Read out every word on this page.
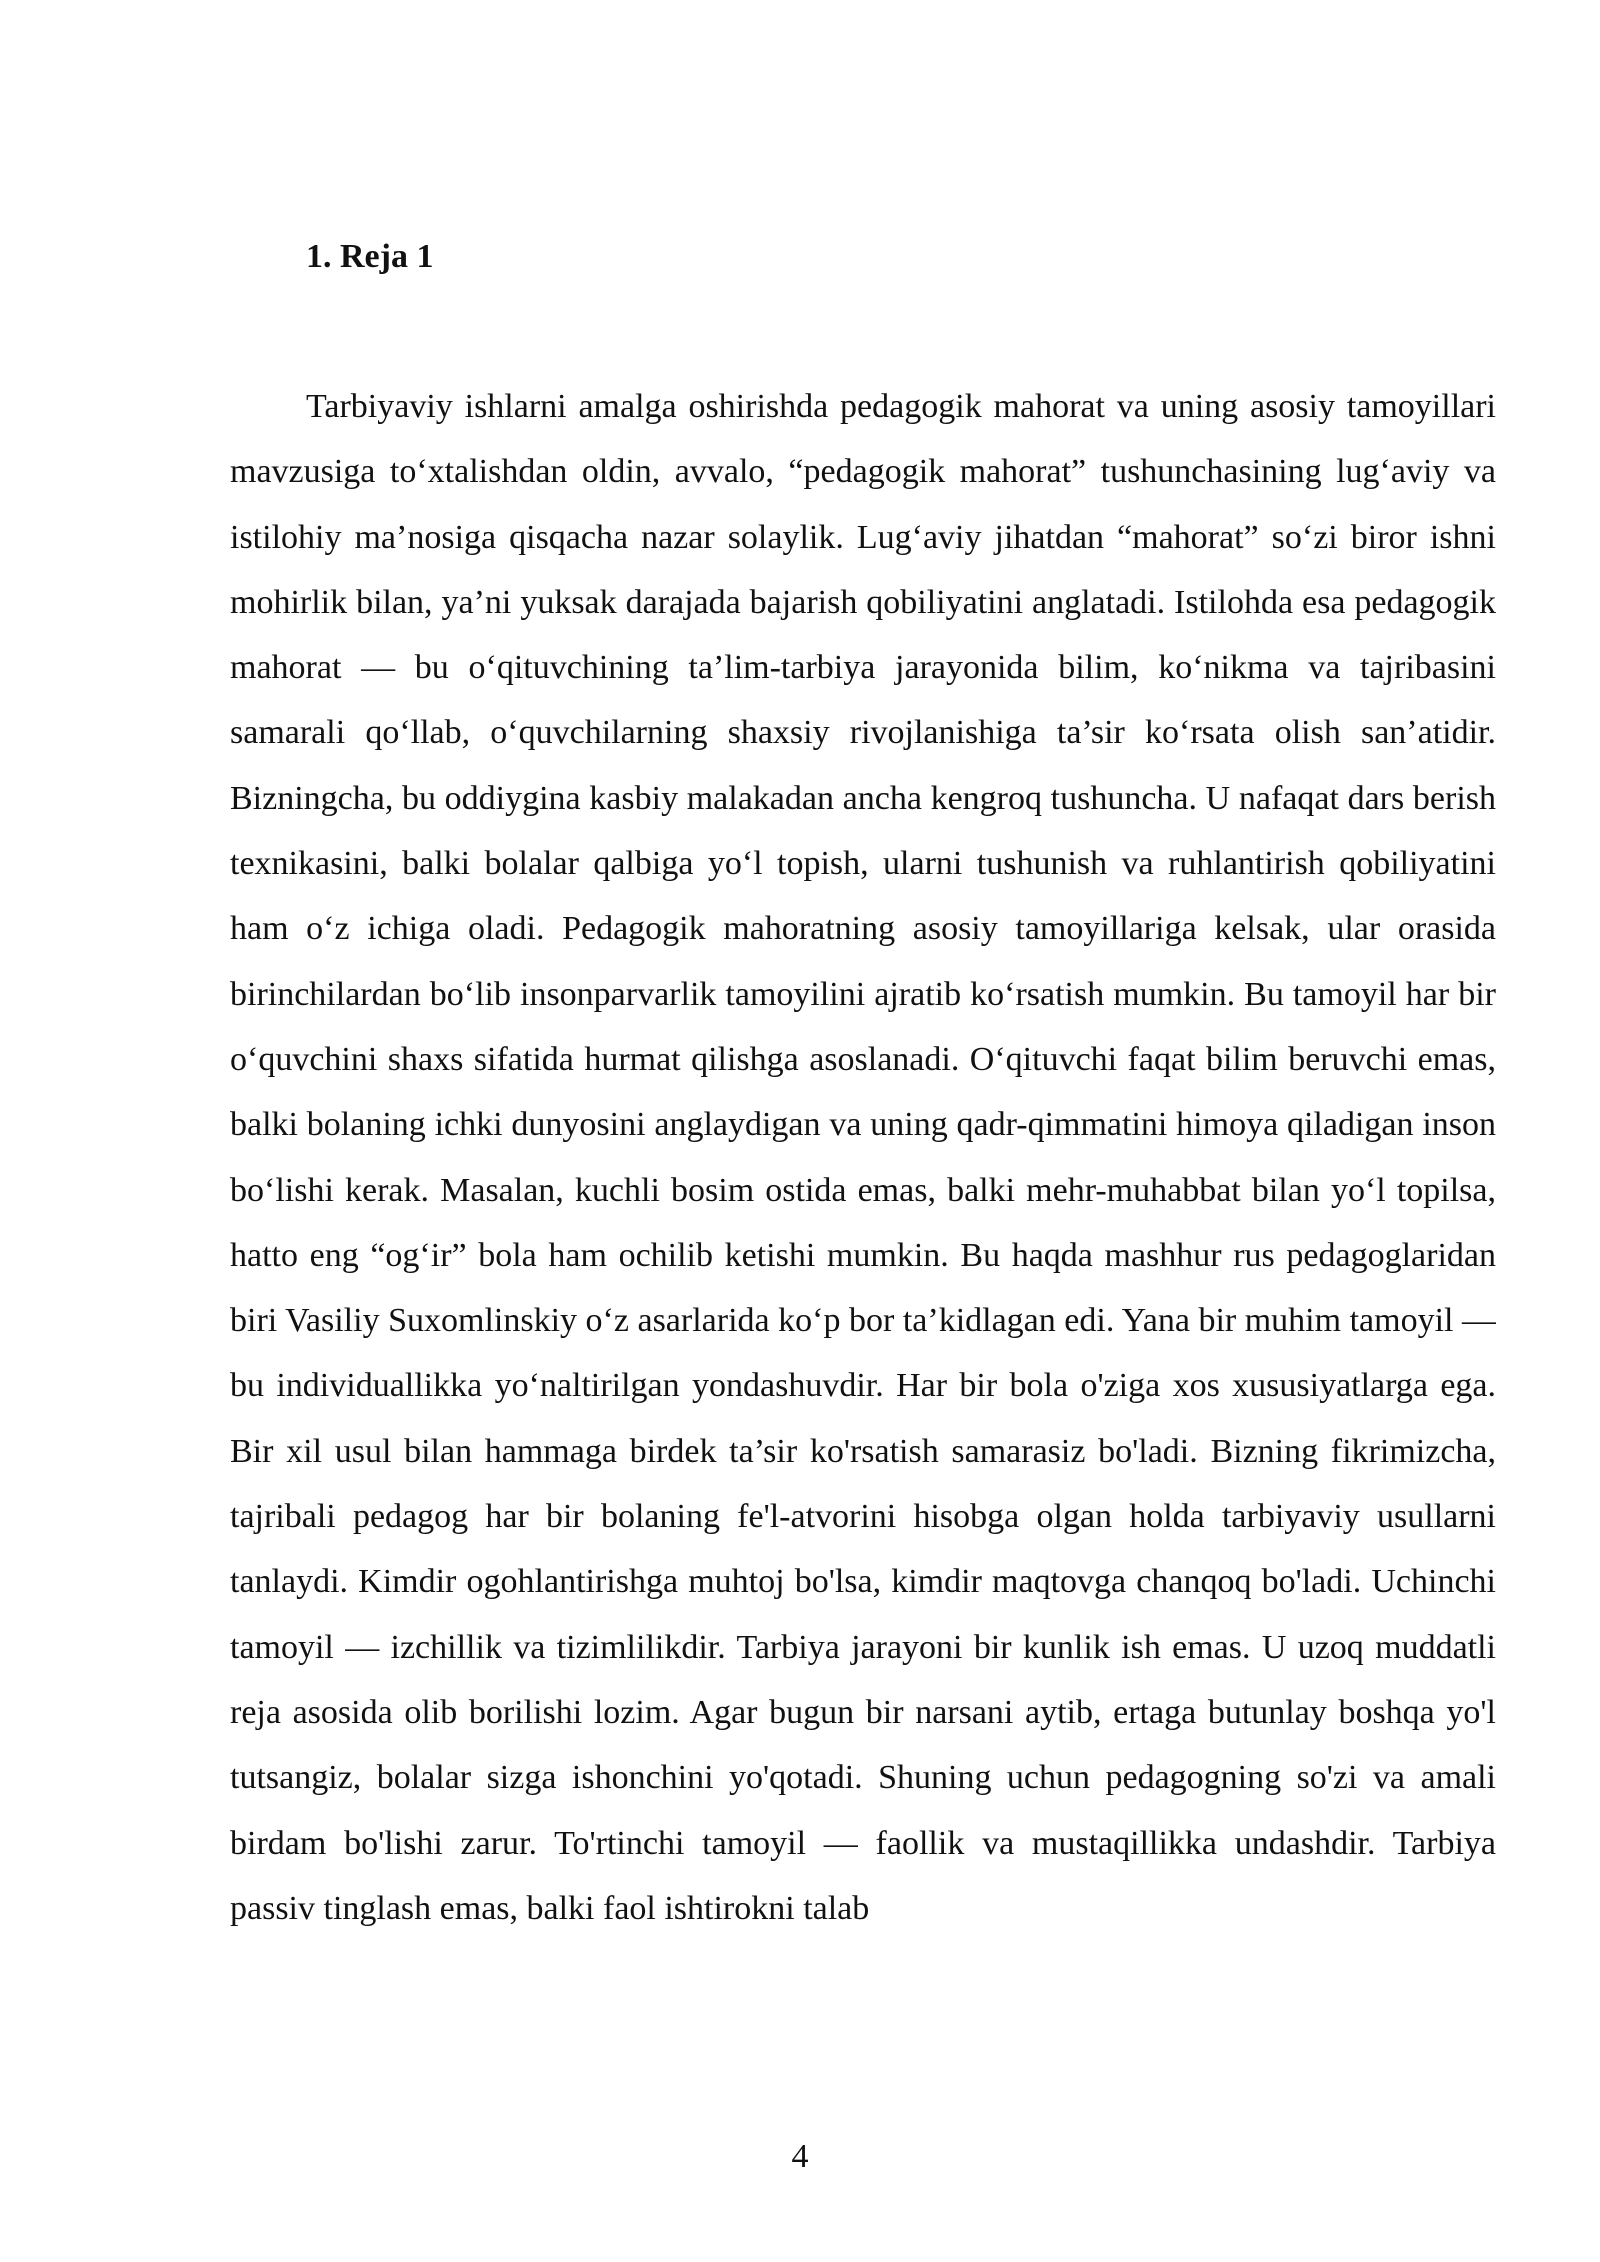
1. Reja 1

Tarbiyaviy ishlarni amalga oshirishda pedagogik mahorat va uning asosiy tamoyillari mavzusiga to‘xtalishdan oldin, avvalo, “pedagogik mahorat” tushunchasining lug‘aviy va istilohiy ma’nosiga qisqacha nazar solaylik. Lug‘aviy jihatdan “mahorat” so‘zi biror ishni mohirlik bilan, ya’ni yuksak darajada bajarish qobiliyatini anglatadi. Istilohda esa pedagogik mahorat — bu o‘qituvchining ta’lim-tarbiya jarayonida bilim, ko‘nikma va tajribasini samarali qo‘llab, o‘quvchilarning shaxsiy rivojlanishiga ta’sir ko‘rsata olish san’atidir. Bizningcha, bu oddiygina kasbiy malakadan ancha kengroq tushuncha. U nafaqat dars berish texnikasini, balki bolalar qalbiga yo‘l topish, ularni tushunish va ruhlantirish qobiliyatini ham o‘z ichiga oladi. Pedagogik mahoratning asosiy tamoyillariga kelsak, ular orasida birinchilardan bo‘lib insonparvarlik tamoyilini ajratib ko‘rsatish mumkin. Bu tamoyil har bir o‘quvchini shaxs sifatida hurmat qilishga asoslanadi. O‘qituvchi faqat bilim beruvchi emas, balki bolaning ichki dunyosini anglaydigan va uning qadr-qimmatini himoya qiladigan inson bo‘lishi kerak. Masalan, kuchli bosim ostida emas, balki mehr-muhabbat bilan yo‘l topilsa, hatto eng “og‘ir” bola ham ochilib ketishi mumkin. Bu haqda mashhur rus pedagoglaridan biri Vasiliy Suxomlinskiy o‘z asarlarida ko‘p bor ta’kidlagan edi. Yana bir muhim tamoyil — bu individuallikka yo‘naltirilgan yondashuvdir. Har bir bola o'ziga xos xususiyatlarga ega. Bir xil usul bilan hammaga birdek ta’sir ko'rsatish samarasiz bo'ladi. Bizning fikrimizcha, tajribali pedagog har bir bolaning fe'l-atvorini hisobga olgan holda tarbiyaviy usullarni tanlaydi. Kimdir ogohlantirishga muhtoj bo'lsa, kimdir maqtovga chanqoq bo'ladi. Uchinchi tamoyil — izchillik va tizimlilikdir. Tarbiya jarayoni bir kunlik ish emas. U uzoq muddatli reja asosida olib borilishi lozim. Agar bugun bir narsani aytib, ertaga butunlay boshqa yo'l tutsangiz, bolalar sizga ishonchini yo'qotadi. Shuning uchun pedagogning so'zi va amali birdam bo'lishi zarur. To'rtinchi tamoyil — faollik va mustaqillikka undashdir. Tarbiya passiv tinglash emas, balki faol ishtirokni talab

4
